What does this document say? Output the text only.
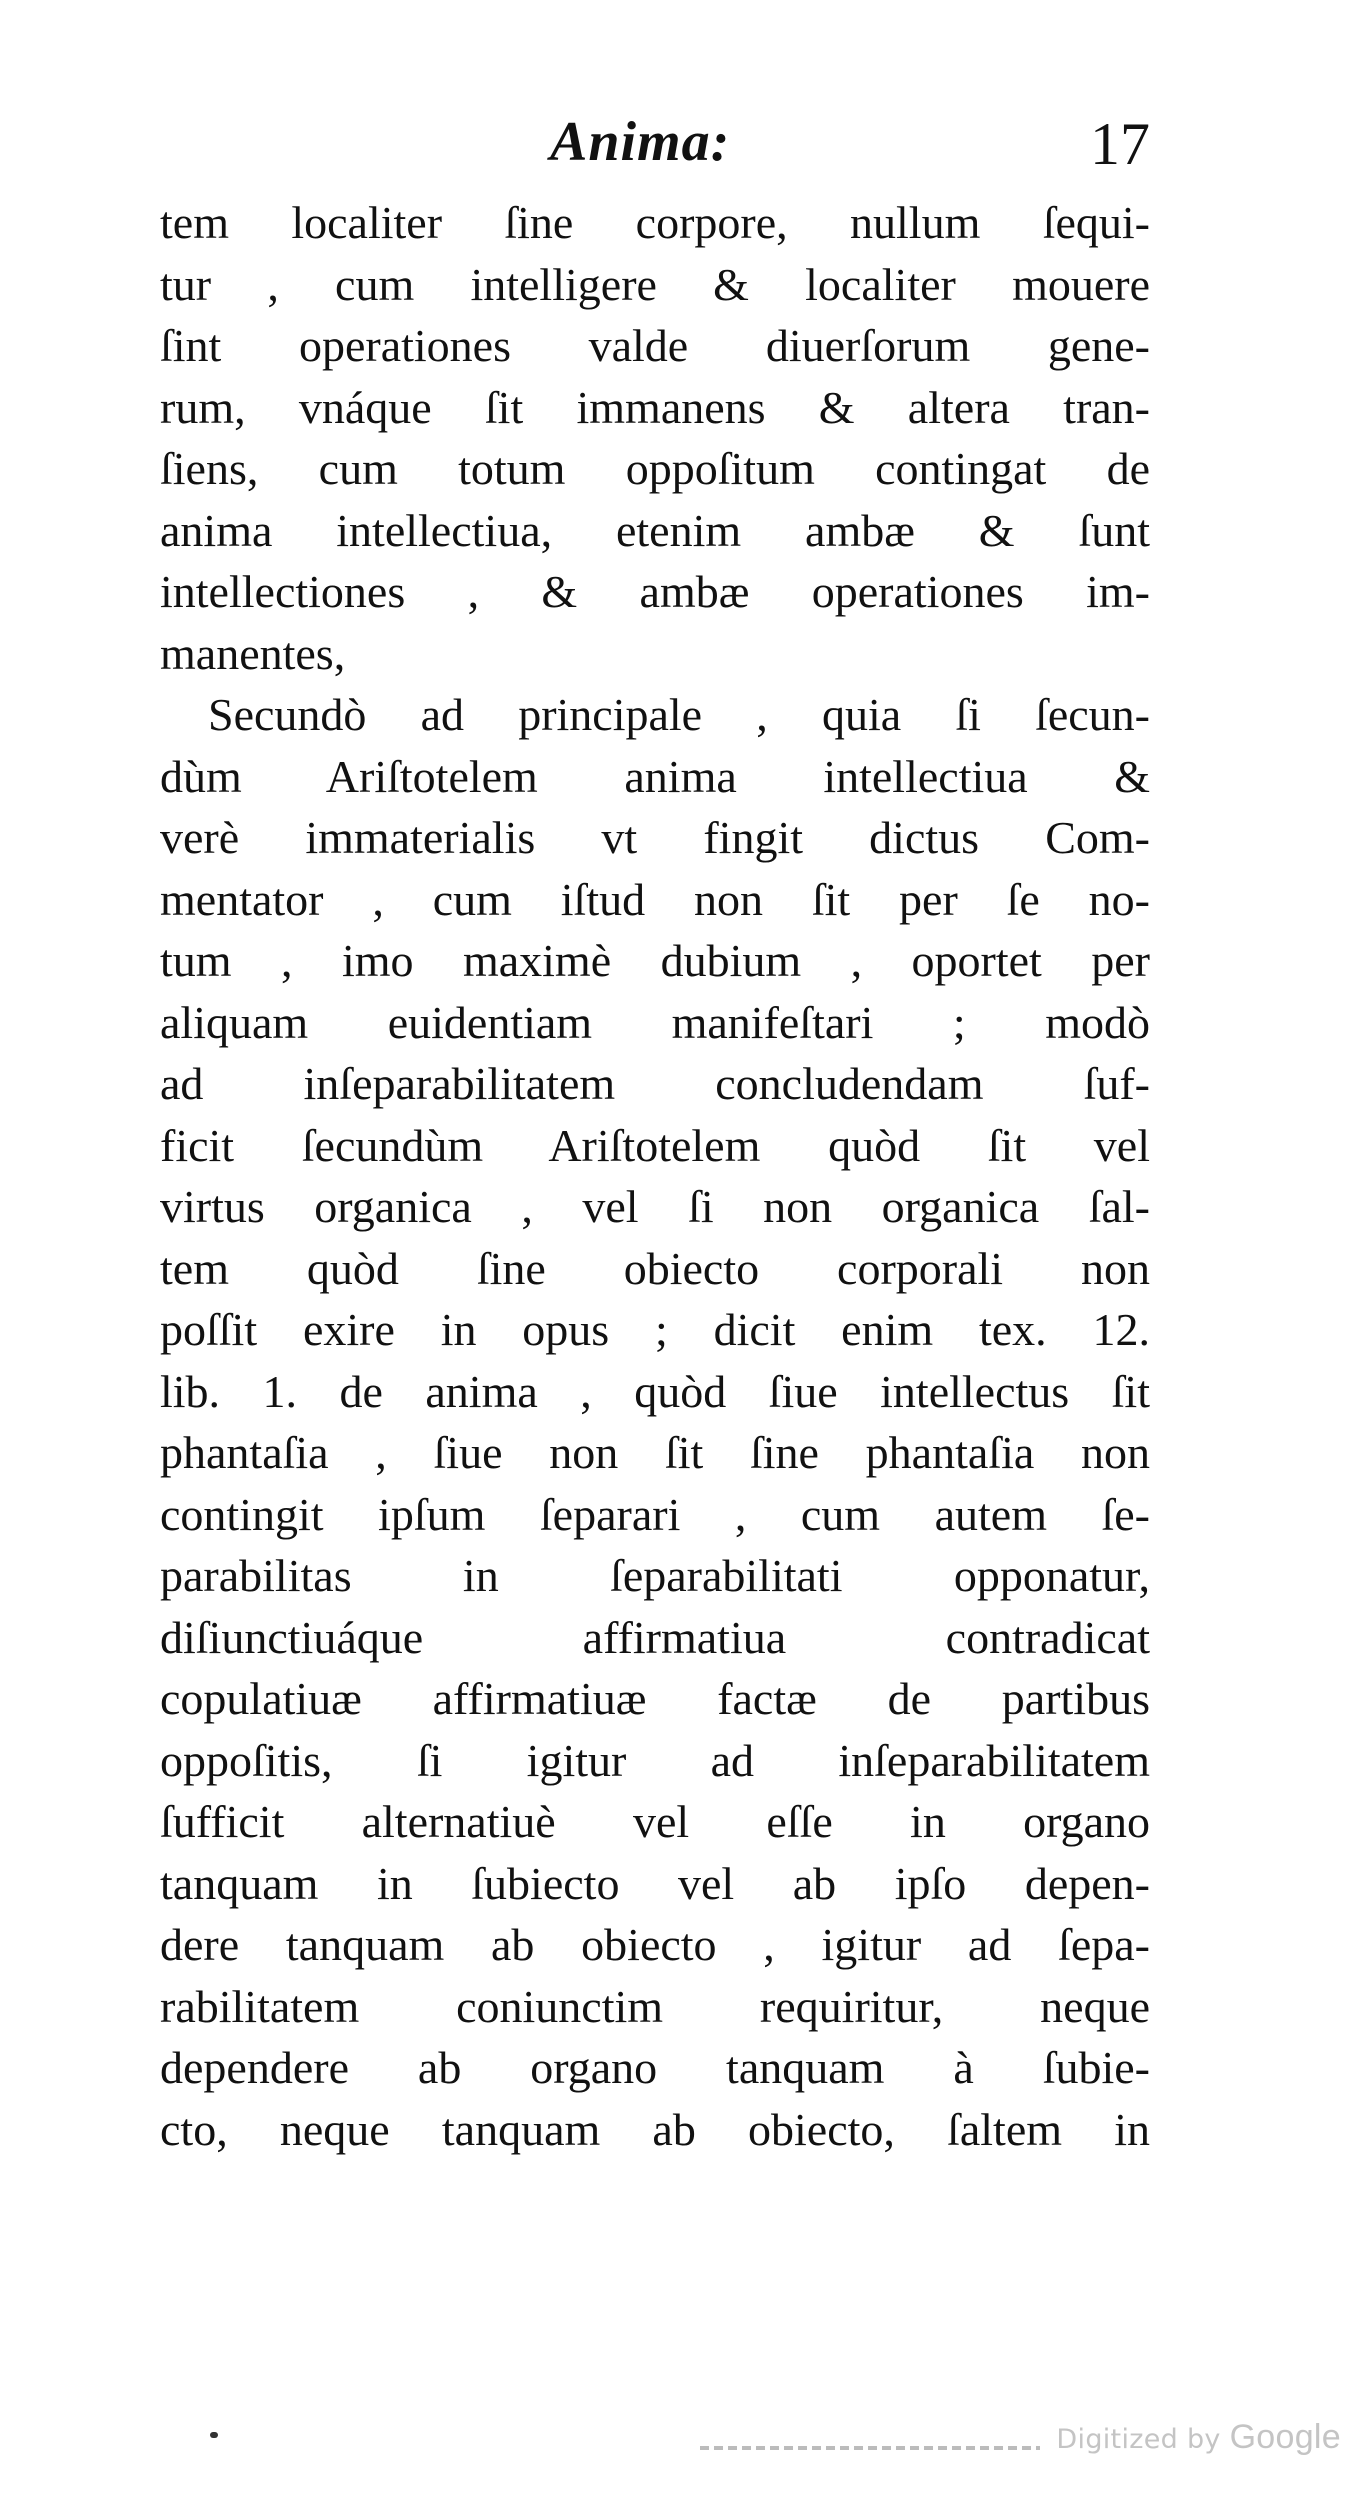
Anima:	17
tem localiter ſine corpore, nullum ſequi-
tur , cum intelligere & localiter mouere
ſint operationes valde diuerſorum gene-
rum, vnáque ſit immanens & altera tran-
ſiens, cum totum oppoſitum contingat de
anima intellectiua, etenim ambæ & ſunt
intellectiones , & ambæ operationes im-
manentes,
Secundò ad principale , quia ſi ſecun-
dùm Ariſtotelem anima intellectiua &
verè immaterialis vt fingit dictus Com-
mentator , cum iſtud non ſit per ſe no-
tum , imo maximè dubium , oportet per
aliquam euidentiam manifeſtari ; modò
ad inſeparabilitatem concludendam ſuf-
ficit ſecundùm Ariſtotelem quòd ſit vel
virtus organica , vel ſi non organica ſal-
tem quòd ſine obiecto corporali non
poſſit exire in opus ; dicit enim tex. 12.
lib. 1. de anima , quòd ſiue intellectus ſit
phantaſia , ſiue non ſit ſine phantaſia non
contingit ipſum ſeparari , cum autem ſe-
parabilitas in ſeparabilitati opponatur,
diſiunctiuáque affirmatiua contradicat
copulatiuæ affirmatiuæ factæ de partibus
oppoſitis, ſi igitur ad inſeparabilitatem
ſufficit alternatiuè vel eſſe in organo
tanquam in ſubiecto vel ab ipſo depen-
dere tanquam ab obiecto , igitur ad ſepa-
rabilitatem coniunctim requiritur, neque
dependere ab organo tanquam à ſubie-
cto, neque tanquam ab obiecto, ſaltem in
Digitized by Google
